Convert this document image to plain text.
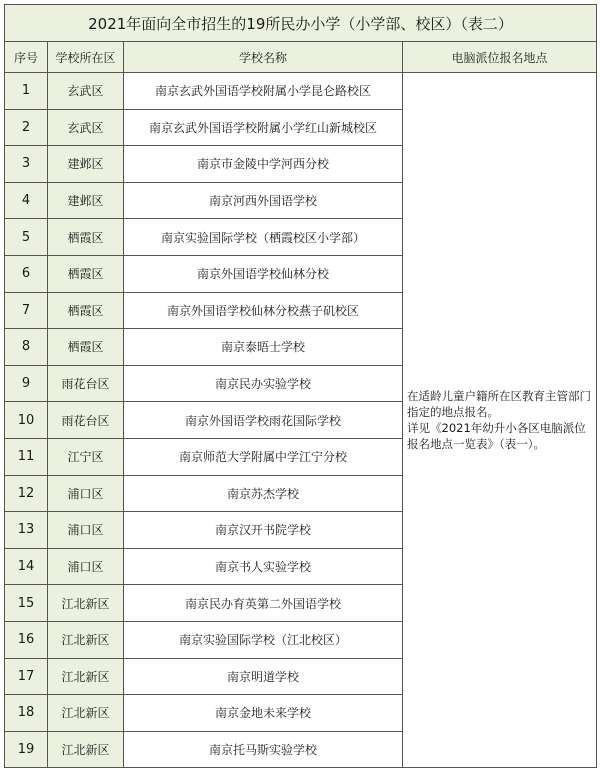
2021年面向全市招生的19所民办小学（小学部、校区）（表二）			
序号	学校所在区	学校名称	电脑派位报名地点
1	玄武区	南京玄武外国语学校附属小学昆仑路校区	在适龄儿童户籍所在区教育主管部门指定的地点报名。
详见《2021年幼升小各区电脑派位报名地点一览表》（表一）。

2	玄武区	南京玄武外国语学校附属小学红山新城校区	
3	建邺区	南京市金陵中学河西分校	
4	建邺区	南京河西外国语学校	
5	栖霞区	南京实验国际学校（栖霞校区小学部）	
6	栖霞区	南京外国语学校仙林分校	
7	栖霞区	南京外国语学校仙林分校燕子矶校区	
8	栖霞区	南京泰晤士学校	
9	雨花台区	南京民办实验学校	
10	雨花台区	南京外国语学校雨花国际学校	
11	江宁区	南京师范大学附属中学江宁分校	
12	浦口区	南京苏杰学校	
13	浦口区	南京汉开书院学校	
14	浦口区	南京书人实验学校	
15	江北新区	南京民办育英第二外国语学校	
16	江北新区	南京实验国际学校（江北校区）	
17	江北新区	南京明道学校	
18	江北新区	南京金地未来学校	
19	江北新区	南京托马斯实验学校	
